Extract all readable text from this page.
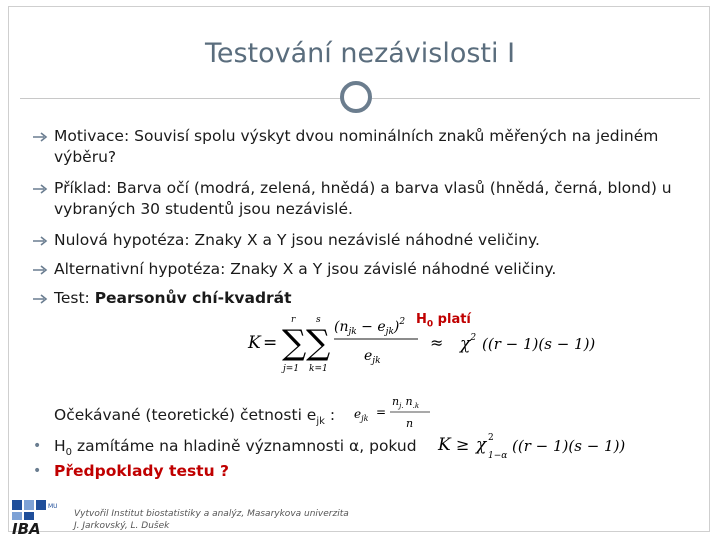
Testování nezávislosti I
Motivace: Souvisí spolu výskyt dvou nominálních znaků měřených na jediném
výběru?
Příklad: Barva očí (modrá, zelená, hnědá) a barva vlasů (hnědá, černá, blond) u
vybraných 30 studentů jsou nezávislé.
Nulová hypotéza: Znaky X a Y jsou nezávislé náhodné veličiny.
Alternativní hypotéza: Znaky X a Y jsou závislé náhodné veličiny.
Test: Pearsonův chí-kvadrát
$H_0$ platí
K =
r
∑
j=1
s
∑
k=1
$(n_{jk} - e_{jk})^2$
$e_{jk}$
≈ $\chi^2$ ((r − 1)(s − 1))
Očekávané (teoretické) četnosti $e_{jk}$ : $e_{jk}$ =
$n_{j.}$ $n_{.k}$
n
• $H_0$ zamítáme na hladině významnosti α, pokud
• Předpoklady testu ?
K ≥ χ 2
1−α
((r − 1)(s − 1))
MU
IBA
Vytvořil Institut biostatistiky a analýz, Masarykova univerzita
J. Jarkovský, L. Dušek
